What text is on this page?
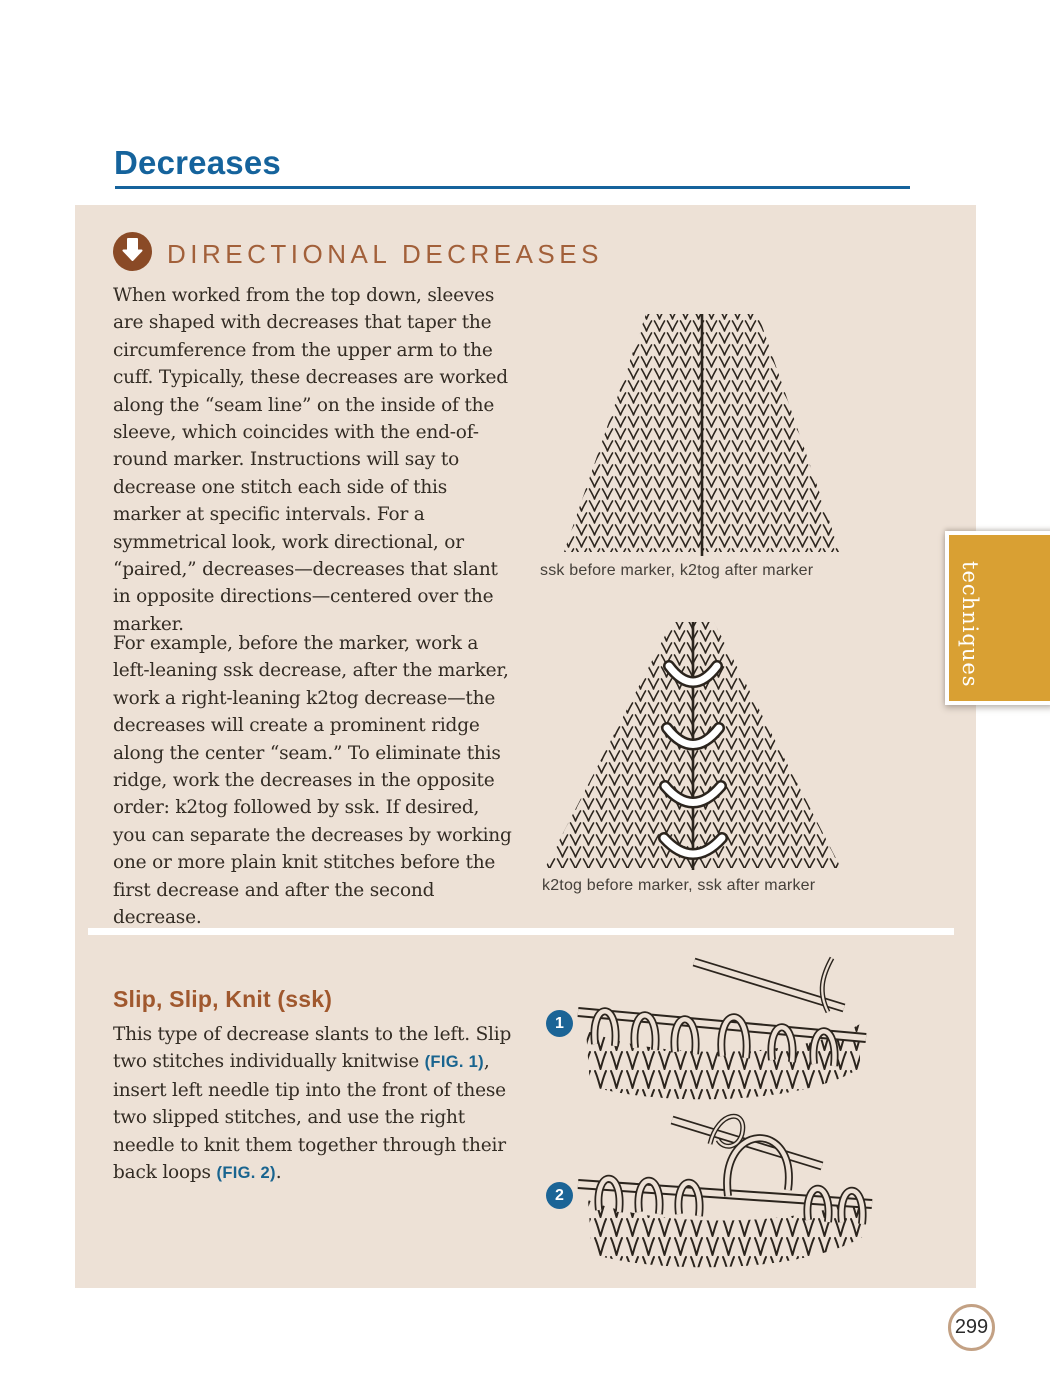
Decreases
DIRECTIONAL DECREASES

When worked from the top down, sleeves are shaped with decreases that taper the circumference from the upper arm to the cuff. Typically, these decreases are worked along the “seam line” on the inside of the sleeve, which coincides with the end-of-round marker. Instructions will say to decrease one stitch each side of this marker at specific intervals. For a symmetrical look, work directional, or “paired,” decreases—decreases that slant in opposite directions—centered over the marker.

For example, before the marker, work a left-leaning ssk decrease, after the marker, work a right-leaning k2tog decrease—the decreases will create a prominent ridge along the center “seam.” To eliminate this ridge, work the decreases in the opposite order: k2tog followed by ssk. If desired, you can separate the decreases by working one or more plain knit stitches before the first decrease and after the second decrease.

ssk before marker, k2tog after marker
k2tog before marker, ssk after marker
Slip, Slip, Knit (ssk)

This type of decrease slants to the left. Slip two stitches individually knitwise (FIG. 1), insert left needle tip into the front of these two slipped stitches, and use the right needle to knit them together through their back loops (FIG. 2).

1
2
techniques
299
